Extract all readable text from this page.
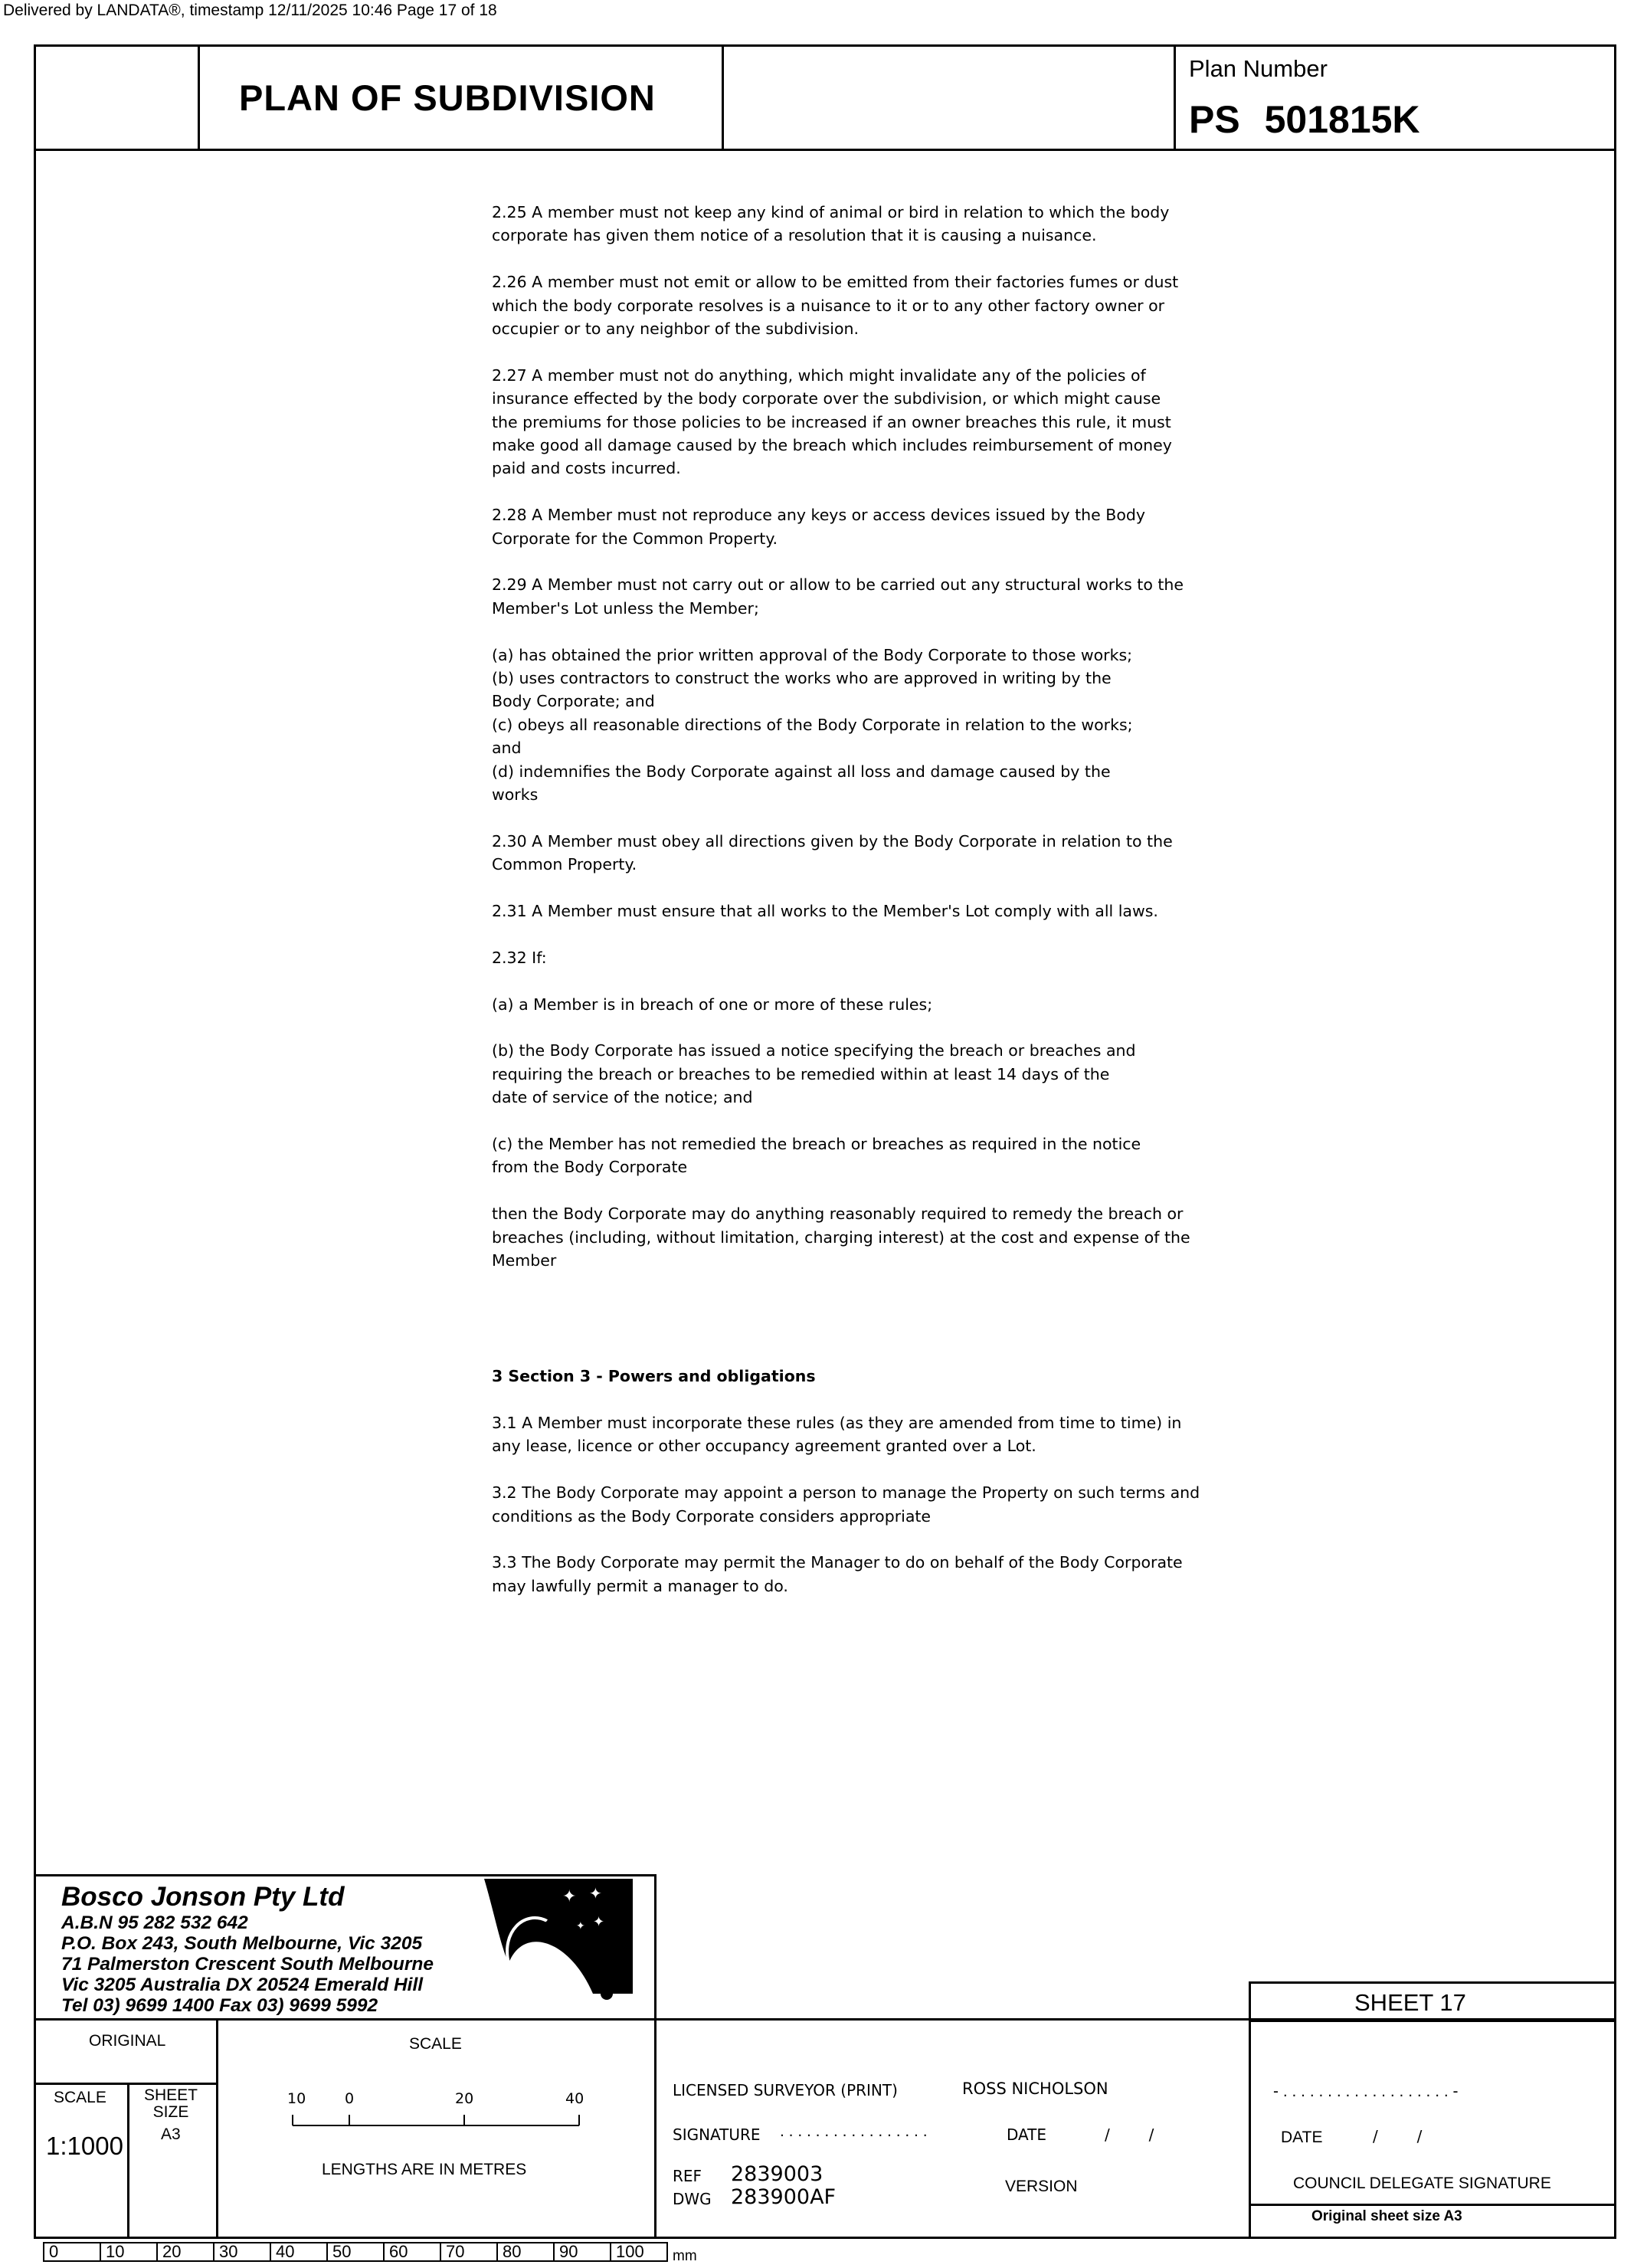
Delivered by LANDATA®, timestamp 12/11/2025 10:46 Page 17 of 18
PLAN OF SUBDIVISION
Plan Number
PS 501815K

2.25 A member must not keep any kind of animal or bird in relation to which the body
corporate has given them notice of a resolution that it is causing a nuisance.

2.26 A member must not emit or allow to be emitted from their factories fumes or dust
which the body corporate resolves is a nuisance to it or to any other factory owner or
occupier or to any neighbor of the subdivision.

2.27 A member must not do anything, which might invalidate any of the policies of
insurance effected by the body corporate over the subdivision, or which might cause
the premiums for those policies to be increased if an owner breaches this rule, it must
make good all damage caused by the breach which includes reimbursement of money
paid and costs incurred.

2.28 A Member must not reproduce any keys or access devices issued by the Body
Corporate for the Common Property.

2.29 A Member must not carry out or allow to be carried out any structural works to the
Member's Lot unless the Member;

(a) has obtained the prior written approval of the Body Corporate to those works;
(b) uses contractors to construct the works who are approved in writing by the
Body Corporate; and
(c) obeys all reasonable directions of the Body Corporate in relation to the works;
and
(d) indemnifies the Body Corporate against all loss and damage caused by the
works

2.30 A Member must obey all directions given by the Body Corporate in relation to the
Common Property.

2.31 A Member must ensure that all works to the Member's Lot comply with all laws.

2.32 If:

(a) a Member is in breach of one or more of these rules;

(b) the Body Corporate has issued a notice specifying the breach or breaches and
requiring the breach or breaches to be remedied within at least 14 days of the
date of service of the notice; and

(c) the Member has not remedied the breach or breaches as required in the notice
from the Body Corporate

then the Body Corporate may do anything reasonably required to remedy the breach or
breaches (including, without limitation, charging interest) at the cost and expense of the
Member

3 Section 3 - Powers and obligations

3.1 A Member must incorporate these rules (as they are amended from time to time) in
any lease, licence or other occupancy agreement granted over a Lot.

3.2 The Body Corporate may appoint a person to manage the Property on such terms and
conditions as the Body Corporate considers appropriate

3.3 The Body Corporate may permit the Manager to do on behalf of the Body Corporate
may lawfully permit a manager to do.

Bosco Jonson Pty Ltd
A.B.N 95 282 532 642
P.O. Box 243, South Melbourne, Vic 3205
71 Palmerston Crescent South Melbourne
Vic 3205 Australia DX 20524 Emerald Hill
Tel 03) 9699 1400 Fax 03) 9699 5992
✦ ✦
✦
✦
SHEET 17
ORIGINAL
SCALE SHEET
SIZE
A3
1:1000
SCALE
10	0	20	40
LENGTHS ARE IN METRES
LICENSED SURVEYOR (PRINT)	ROSS NICHOLSON
SIGNATURE . . . . . . . . . . . . . . . . .	DATE	/        /
REF 2839003
DWG 283900AF	VERSION
- . . . . . . . . . . . . . . . . . . . -
DATE	/        /
COUNCIL DELEGATE SIGNATURE
Original sheet size A3
0	10	20	30	40	50	60	70	80	90	100	mm
